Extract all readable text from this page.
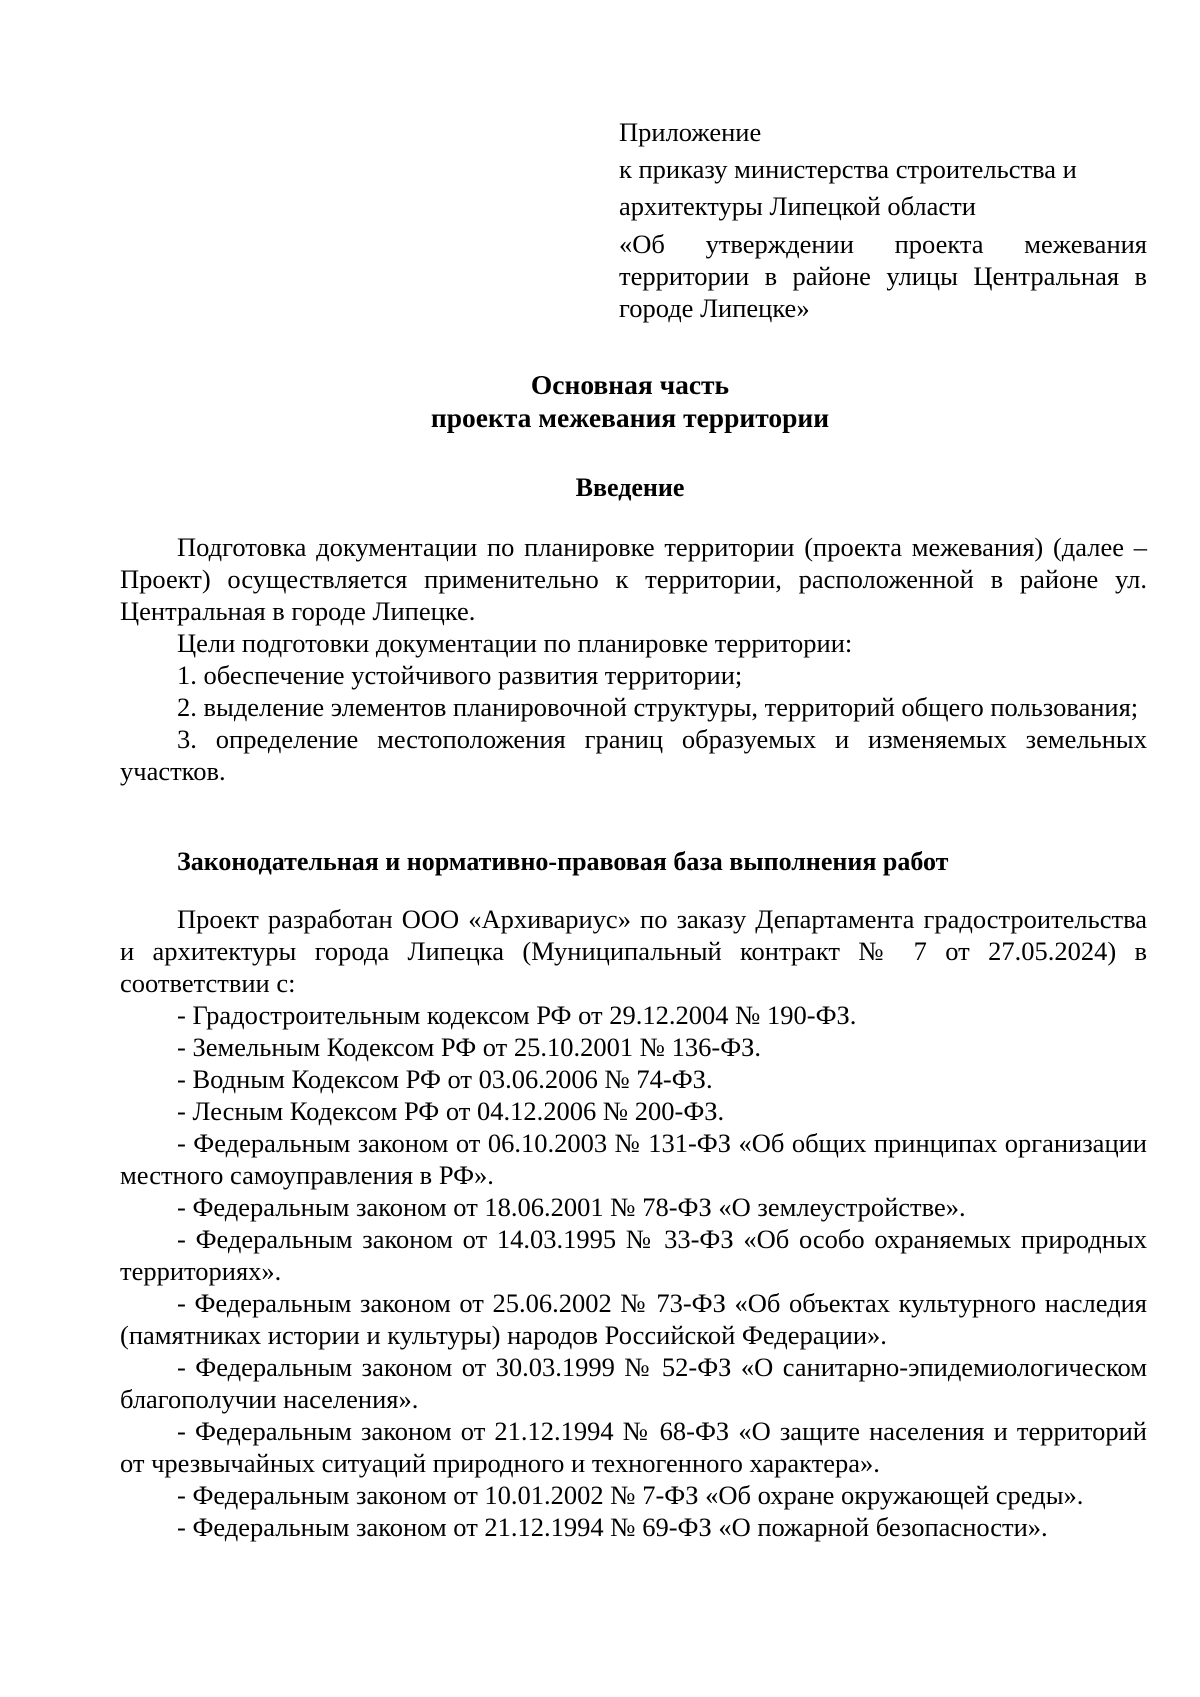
Приложение
к приказу министерства строительства и
архитектуры Липецкой области
«Об утверждении проекта межевания территории в районе улицы Центральная в городе Липецке»
Основная часть
проекта межевания территории
Введение

Подготовка документации по планировке территории (проекта межевания) (далее – Проект) осуществляется применительно к территории, расположенной в районе ул. Центральная в городе Липецке.

Цели подготовки документации по планировке территории:

1. обеспечение устойчивого развития территории;

2. выделение элементов планировочной структуры, территорий общего пользования;

3. определение местоположения границ образуемых и изменяемых земельных участков.

Законодательная и нормативно-правовая база выполнения работ

Проект разработан ООО «Архивариус» по заказу Департамента градостроительства и архитектуры города Липецка (Муниципальный контракт № 7 от 27.05.2024) в соответствии с:

- Градостроительным кодексом РФ от 29.12.2004 № 190-ФЗ.

- Земельным Кодексом РФ от 25.10.2001 № 136-ФЗ.

- Водным Кодексом РФ от 03.06.2006 № 74-ФЗ.

- Лесным Кодексом РФ от 04.12.2006 № 200-ФЗ.

- Федеральным законом от 06.10.2003 № 131-ФЗ «Об общих принципах организации местного самоуправления в РФ».

- Федеральным законом от 18.06.2001 № 78-ФЗ «О землеустройстве».

- Федеральным законом от 14.03.1995 № 33-ФЗ «Об особо охраняемых природных территориях».

- Федеральным законом от 25.06.2002 № 73-ФЗ «Об объектах культурного наследия (памятниках истории и культуры) народов Российской Федерации».

- Федеральным законом от 30.03.1999 № 52-ФЗ «О санитарно-эпидемиологическом благополучии населения».

- Федеральным законом от 21.12.1994 № 68-ФЗ «О защите населения и территорий от чрезвычайных ситуаций природного и техногенного характера».

- Федеральным законом от 10.01.2002 № 7-ФЗ «Об охране окружающей среды».

- Федеральным законом от 21.12.1994 № 69-ФЗ «О пожарной безопасности».
